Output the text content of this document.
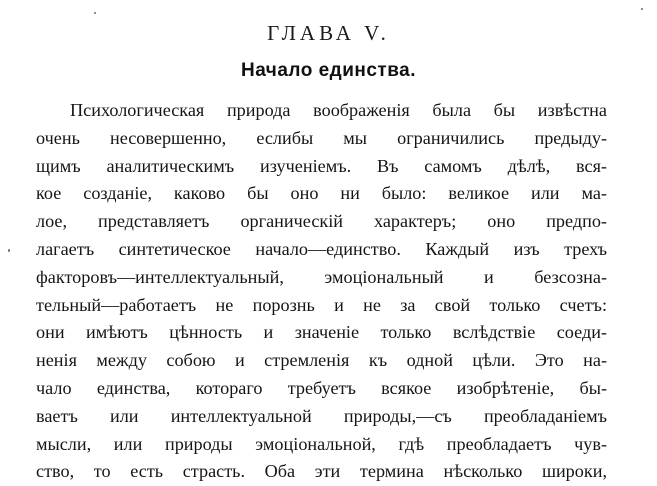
ГЛАВА V.
Начало единства.
Психологическая природа воображенія была бы извѣстна
очень несовершенно, еслибы мы ограничились предыду-
щимъ аналитическимъ изученіемъ. Въ самомъ дѣлѣ, вся-
кое созданіе, каково бы оно ни было: великое или ма-
лое, представляетъ органическій характеръ; оно предпо-
лагаетъ синтетическое начало—единство. Каждый изъ трехъ
факторовъ—интеллектуальный, эмоціональный и безсозна-
тельный—работаетъ не порознь и не за свой только счетъ:
они имѣютъ цѣнность и значеніе только вслѣдствіе соеди-
ненія между собою и стремленія къ одной цѣли. Это на-
чало единства, котораго требуетъ всякое изобрѣтеніе, бы-
ваетъ или интеллектуальной природы,—съ преобладаніемъ
мысли, или природы эмоціональной, гдѣ преобладаетъ чув-
ство, то есть страсть. Оба эти термина нѣсколько широки,
